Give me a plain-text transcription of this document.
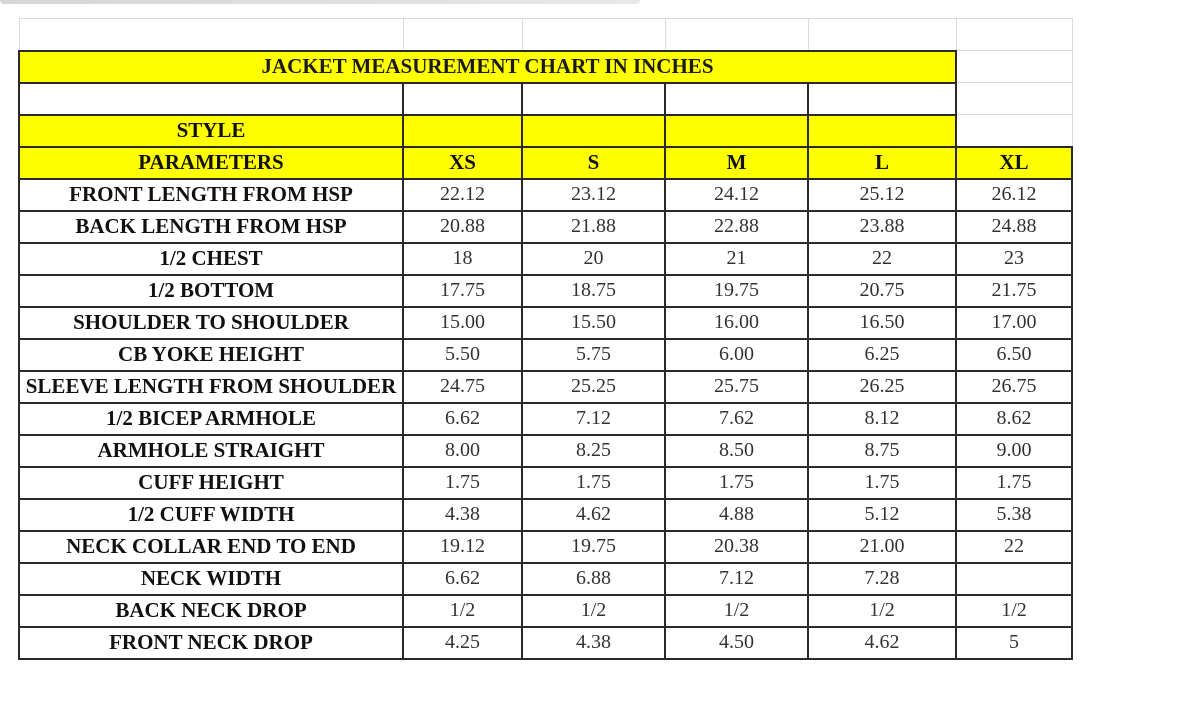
JACKET MEASUREMENT CHART IN INCHES					

STYLE					
PARAMETERS	XS	S	M	L	XL
FRONT LENGTH FROM HSP	22.12	23.12	24.12	25.12	26.12
BACK LENGTH FROM HSP	20.88	21.88	22.88	23.88	24.88
1/2 CHEST	18	20	21	22	23
1/2 BOTTOM	17.75	18.75	19.75	20.75	21.75
SHOULDER TO SHOULDER	15.00	15.50	16.00	16.50	17.00
CB YOKE HEIGHT	5.50	5.75	6.00	6.25	6.50
SLEEVE LENGTH FROM SHOULDER	24.75	25.25	25.75	26.25	26.75
1/2 BICEP ARMHOLE	6.62	7.12	7.62	8.12	8.62
ARMHOLE STRAIGHT	8.00	8.25	8.50	8.75	9.00
CUFF HEIGHT	1.75	1.75	1.75	1.75	1.75
1/2 CUFF WIDTH	4.38	4.62	4.88	5.12	5.38
NECK COLLAR END TO END	19.12	19.75	20.38	21.00	22
NECK WIDTH	6.62	6.88	7.12	7.28	
BACK NECK DROP	1/2	1/2	1/2	1/2	1/2
FRONT NECK DROP	4.25	4.38	4.50	4.62	5
